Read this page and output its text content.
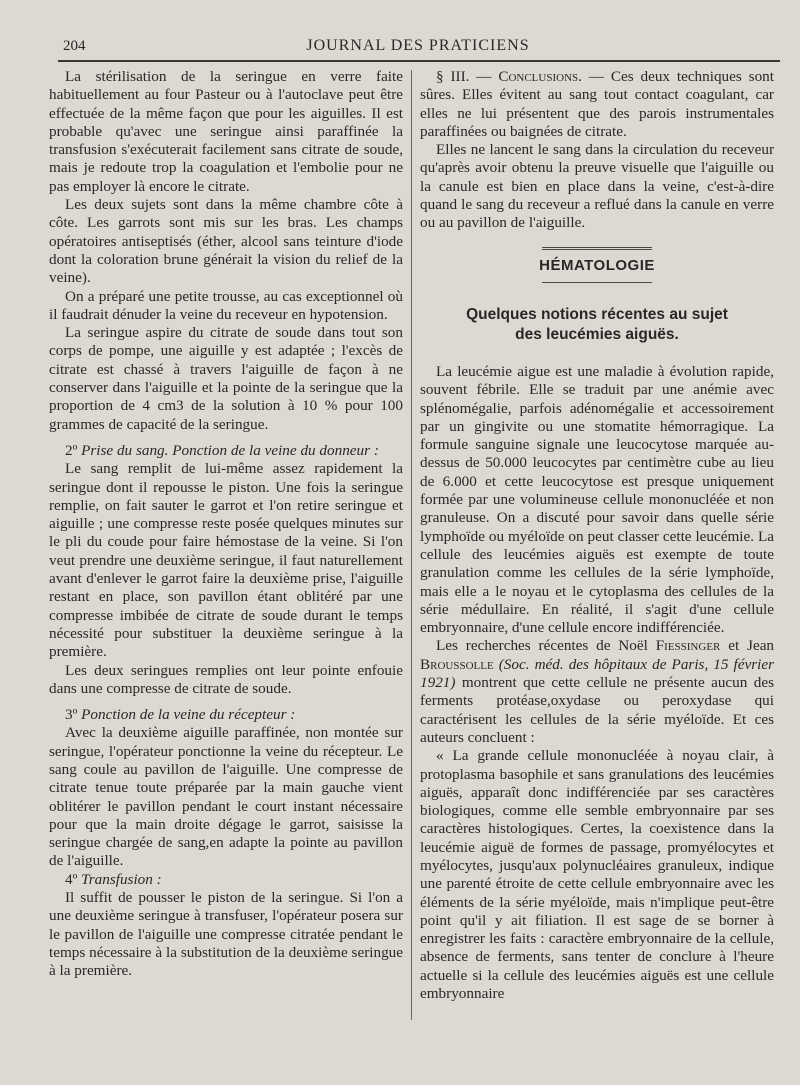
204	JOURNAL DES PRATICIENS

La stérilisation de la seringue en verre faite habituellement au four Pasteur ou à l'autoclave peut être effectuée de la même façon que pour les aiguilles. Il est probable qu'avec une seringue ainsi paraffinée la transfusion s'exécuterait facilement sans citrate de soude, mais je redoute trop la coagulation et l'embolie pour ne pas employer là encore le citrate.

Les deux sujets sont dans la même chambre côte à côte. Les garrots sont mis sur les bras. Les champs opératoires antiseptisés (éther, alcool sans teinture d'iode dont la coloration brune générait la vision du relief de la veine).

On a préparé une petite trousse, au cas exceptionnel où il faudrait dénuder la veine du receveur en hypotension.

La seringue aspire du citrate de soude dans tout son corps de pompe, une aiguille y est adaptée ; l'excès de citrate est chassé à travers l'aiguille de façon à ne conserver dans l'aiguille et la pointe de la seringue que la proportion de 4 cm3 de la solution à 10 % pour 100 grammes de capacité de la seringue.

2º Prise du sang. Ponction de la veine du donneur :

Le sang remplit de lui-même assez rapidement la seringue dont il repousse le piston. Une fois la seringue remplie, on fait sauter le garrot et l'on retire seringue et aiguille ; une compresse reste posée quelques minutes sur le pli du coude pour faire hémostase de la veine. Si l'on veut prendre une deuxième seringue, il faut naturellement avant d'enlever le garrot faire la deuxième prise, l'aiguille restant en place, son pavillon étant oblitéré par une compresse imbibée de citrate de soude durant le temps nécessité pour substituer la deuxième seringue à la première.

Les deux seringues remplies ont leur pointe enfouie dans une compresse de citrate de soude.

3º Ponction de la veine du récepteur :

Avec la deuxième aiguille paraffinée, non montée sur seringue, l'opérateur ponctionne la veine du récepteur. Le sang coule au pavillon de l'aiguille. Une compresse de citrate tenue toute préparée par la main gauche vient oblitérer le pavillon pendant le court instant nécessaire pour que la main droite dégage le garrot, saisisse la seringue chargée de sang,en adapte la pointe au pavillon de l'aiguille.

4º Transfusion :

Il suffit de pousser le piston de la seringue. Si l'on a une deuxième seringue à transfuser, l'opérateur posera sur le pavillon de l'aiguille une compresse citratée pendant le temps nécessaire à la substitution de la deuxième seringue à la première.

§ III. — Conclusions. — Ces deux techniques sont sûres. Elles évitent au sang tout contact coagulant, car elles ne lui présentent que des parois instrumentales paraffinées ou baignées de citrate.

Elles ne lancent le sang dans la circulation du receveur qu'après avoir obtenu la preuve visuelle que l'aiguille ou la canule est bien en place dans la veine, c'est-à-dire quand le sang du receveur a reflué dans la canule en verre ou au pavillon de l'aiguille.

HÉMATOLOGIE
Quelques notions récentes au sujet
des leucémies aiguës.

La leucémie aigue est une maladie à évolution rapide, souvent fébrile. Elle se traduit par une anémie avec splénomégalie, parfois adénomégalie et accessoirement par un gingivite ou une stomatite hémorragique. La formule sanguine signale une leucocytose marquée au-dessus de 50.000 leucocytes par centimètre cube au lieu de 6.000 et cette leucocytose est presque uniquement formée par une volumineuse cellule mononucléée et non granuleuse. On a discuté pour savoir dans quelle série lymphoïde ou myéloïde on peut classer cette leucémie. La cellule des leucémies aiguës est exempte de toute granulation comme les cellules de la série lymphoïde, mais elle a le noyau et le cytoplasma des cellules de la série médullaire. En réalité, il s'agit d'une cellule embryonnaire, d'une cellule encore indifférenciée.

Les recherches récentes de Noël Fiessinger et Jean Broussolle (Soc. méd. des hôpitaux de Paris, 15 février 1921) montrent que cette cellule ne présente aucun des ferments protéase,oxydase ou peroxydase qui caractérisent les cellules de la série myéloïde. Et ces auteurs concluent :

« La grande cellule mononucléée à noyau clair, à protoplasma basophile et sans granulations des leucémies aiguës, apparaît donc indifférenciée par ses caractères biologiques, comme elle semble embryonnaire par ses caractères histologiques. Certes, la coexistence dans la leucémie aiguë de formes de passage, promyélocytes et myélocytes, jusqu'aux polynucléaires granuleux, indique une parenté étroite de cette cellule embryonnaire avec les éléments de la série myéloïde, mais n'implique peut-être point qu'il y ait filiation. Il est sage de se borner à enregistrer les faits : caractère embryonnaire de la cellule, absence de ferments, sans tenter de conclure à l'heure actuelle si la cellule des leucémies aiguës est une cellule embryonnaire
